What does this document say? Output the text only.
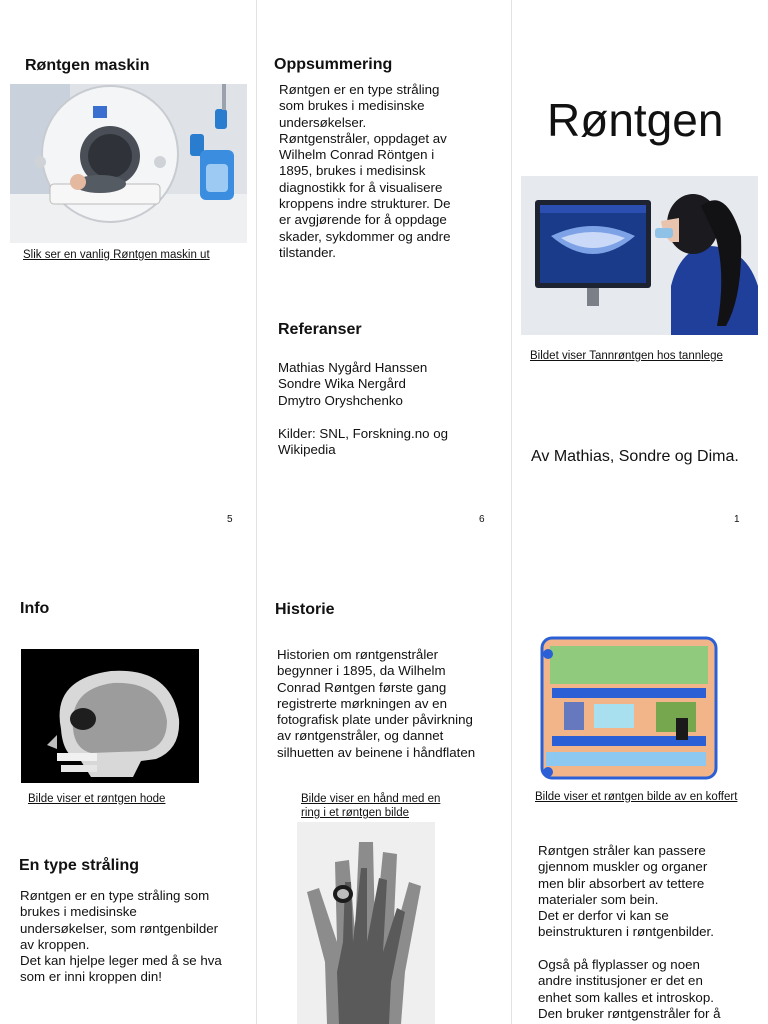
Røntgen maskin
Slik ser en vanlig Røntgen maskin ut
5
Oppsummering
Røntgen er en type stråling som brukes i medisinske undersøkelser. Røntgenstråler, oppdaget av Wilhelm Conrad Röntgen i 1895, brukes i medisinsk diagnostikk for å visualisere kroppens indre strukturer. De er avgjørende for å oppdage skader, sykdommer og andre tilstander.
Referanser
Mathias Nygård Hanssen
Sondre Wika Nergård
Dmytro Oryshchenko
Kilder: SNL, Forskning.no og Wikipedia
6
Røntgen
Bildet viser Tannrøntgen hos tannlege
Av Mathias, Sondre og Dima.
1
Info
Bilde viser et røntgen hode
En type stråling
Røntgen er en type stråling som brukes i medisinske undersøkelser, som røntgenbilder av kroppen.
Det kan hjelpe leger med å se hva som er inni kroppen din!
Historie
Historien om røntgenstråler begynner i 1895, da Wilhelm Conrad Røntgen første gang registrerte mørkningen av en fotografisk plate under påvirkning av røntgenstråler, og dannet silhuetten av beinene i håndflaten
Bilde viser en hånd med en ring i et røntgen bilde
Bilde viser et røntgen bilde av en koffert
Røntgen stråler kan passere gjennom muskler og organer men blir absorbert av tettere materialer som bein.
Det er derfor vi kan se beinstrukturen i røntgenbilder.

Også på flyplasser og noen andre institusjoner er det en enhet som kalles et introskop.
Den bruker røntgenstråler for å
